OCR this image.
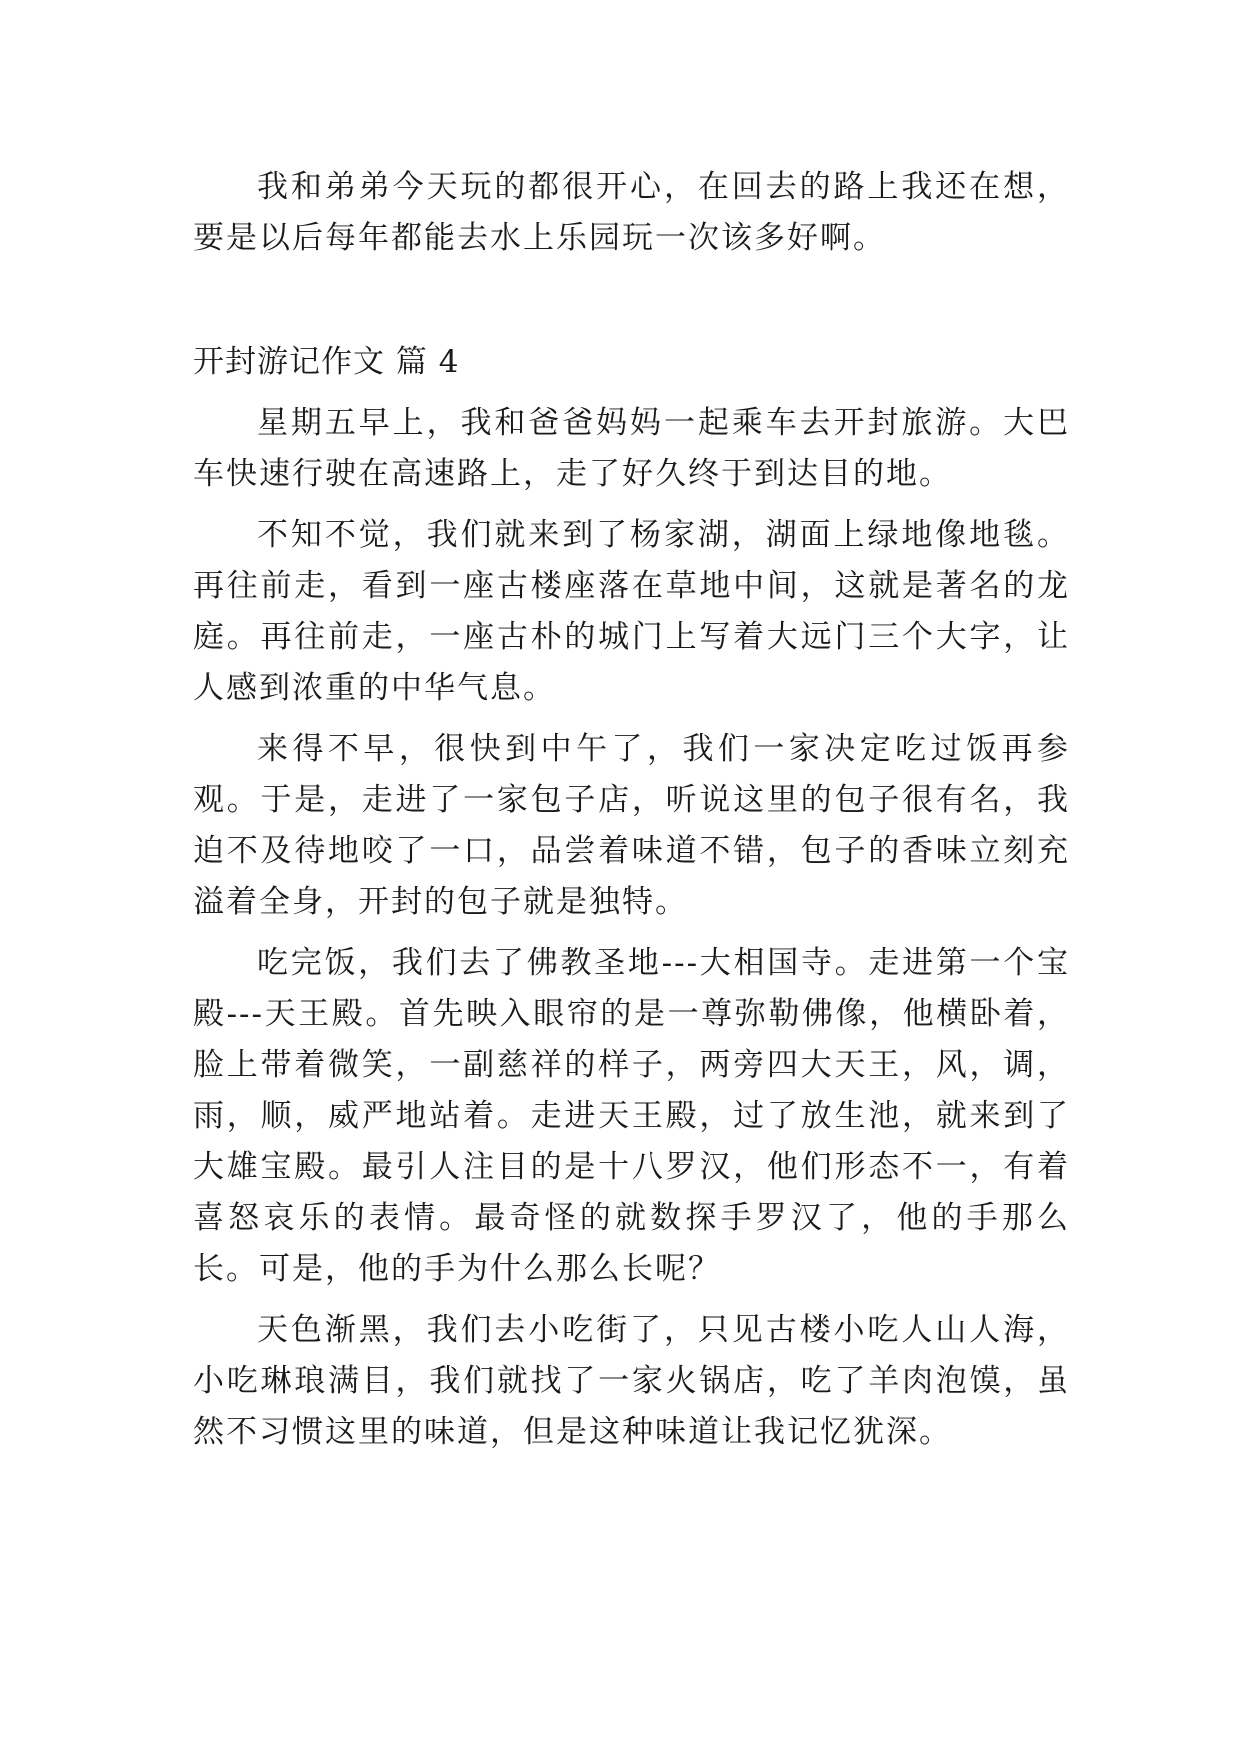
我和弟弟今天玩的都很开心，在回去的路上我还在想，要是以后每年都能去水上乐园玩一次该多好啊。

开封游记作文 篇 4

星期五早上，我和爸爸妈妈一起乘车去开封旅游。大巴车快速行驶在高速路上，走了好久终于到达目的地。

不知不觉，我们就来到了杨家湖，湖面上绿地像地毯。再往前走，看到一座古楼座落在草地中间，这就是著名的龙庭。再往前走，一座古朴的城门上写着大远门三个大字，让人感到浓重的中华气息。

来得不早，很快到中午了，我们一家决定吃过饭再参观。于是，走进了一家包子店，听说这里的包子很有名，我迫不及待地咬了一口，品尝着味道不错，包子的香味立刻充溢着全身，开封的包子就是独特。

吃完饭，我们去了佛教圣地---大相国寺。走进第一个宝殿---天王殿。首先映入眼帘的是一尊弥勒佛像，他横卧着，脸上带着微笑，一副慈祥的样子，两旁四大天王，风，调，雨，顺，威严地站着。走进天王殿，过了放生池，就来到了大雄宝殿。最引人注目的是十八罗汉，他们形态不一，有着喜怒哀乐的表情。最奇怪的就数探手罗汉了，他的手那么长。可是，他的手为什么那么长呢？

天色渐黑，我们去小吃街了，只见古楼小吃人山人海，小吃琳琅满目，我们就找了一家火锅店，吃了羊肉泡馍，虽然不习惯这里的味道，但是这种味道让我记忆犹深。
